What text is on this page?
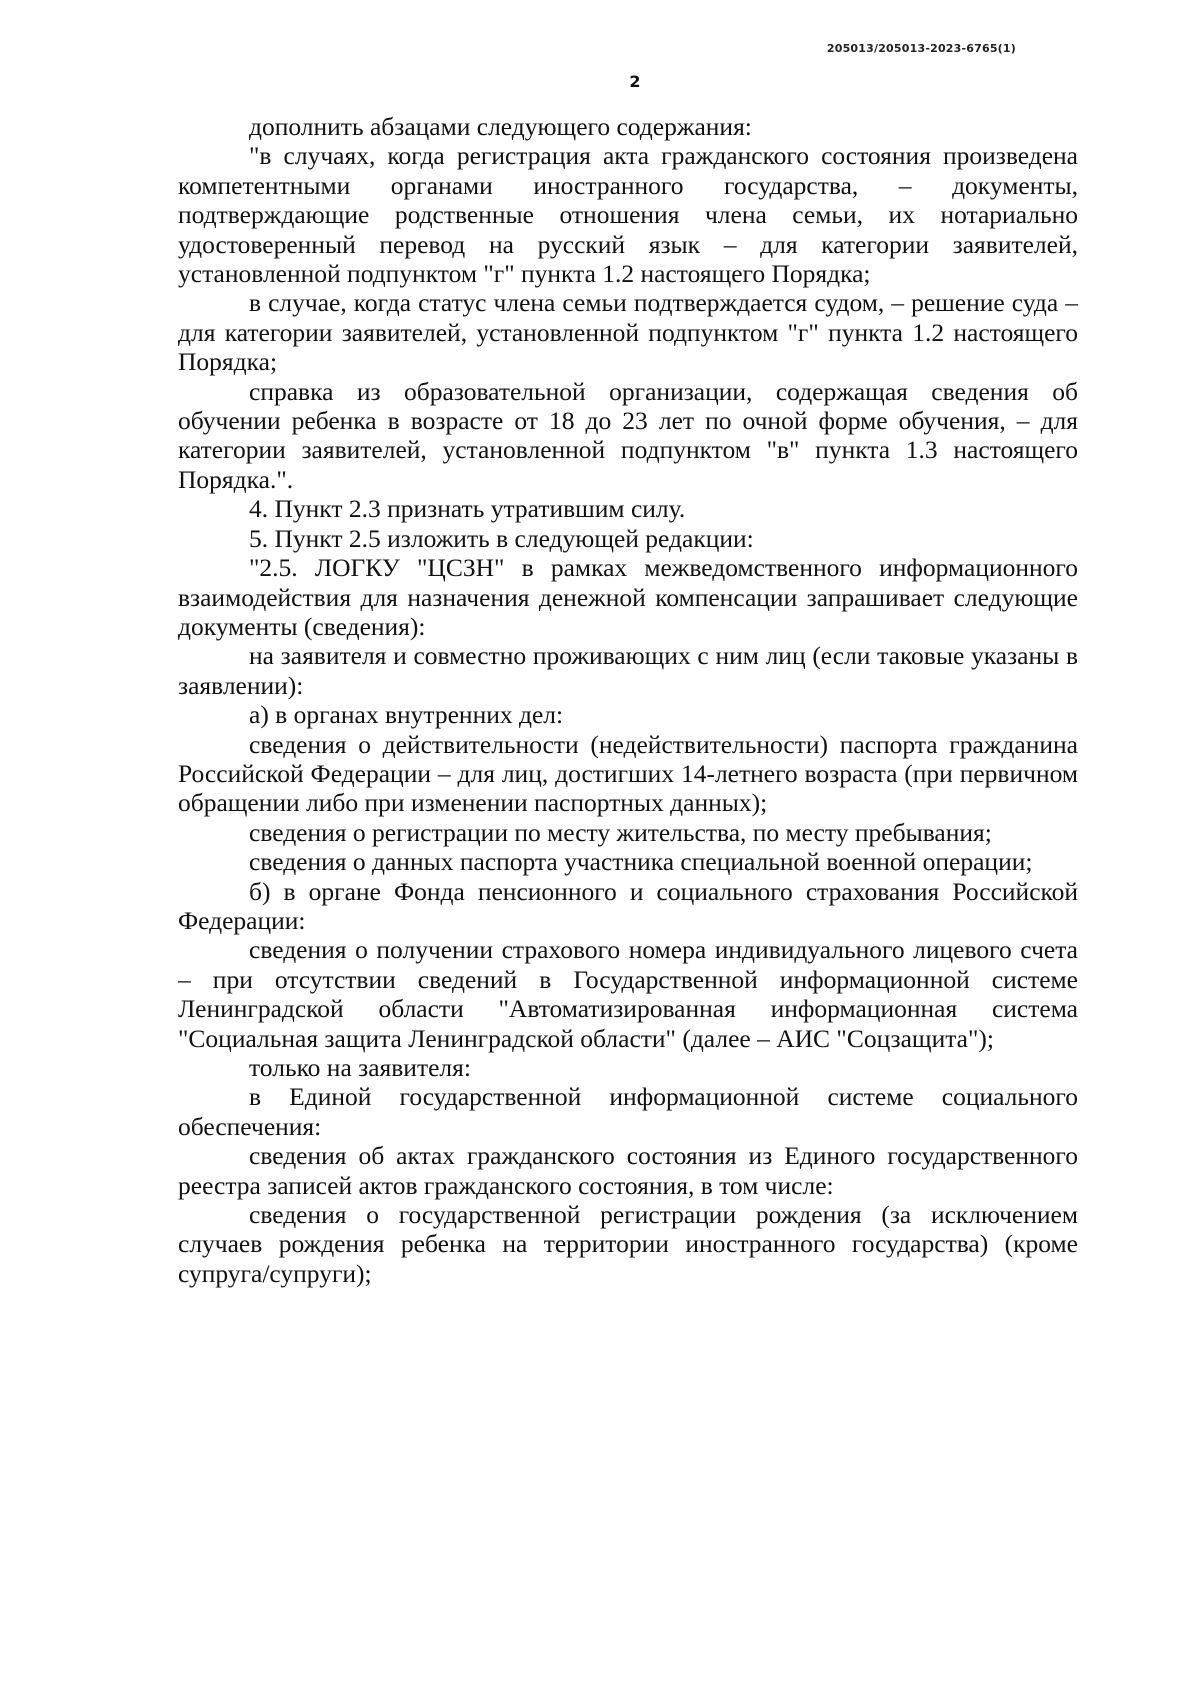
205013/205013-2023-6765(1)
2

дополнить абзацами следующего содержания:

"в случаях, когда регистрация акта гражданского состояния произведена компетентными органами иностранного государства, – документы, подтверждающие родственные отношения члена семьи, их нотариально удостоверенный перевод на русский язык – для категории заявителей, установленной подпунктом "г" пункта 1.2 настоящего Порядка;

в случае, когда статус члена семьи подтверждается судом, – решение суда – для категории заявителей, установленной подпунктом "г" пункта 1.2 настоящего Порядка;

справка из образовательной организации, содержащая сведения об обучении ребенка в возрасте от 18 до 23 лет по очной форме обучения, – для категории заявителей, установленной подпунктом "в" пункта 1.3 настоящего Порядка.".

4. Пункт 2.3 признать утратившим силу.

5. Пункт 2.5 изложить в следующей редакции:

"2.5. ЛОГКУ "ЦСЗН" в рамках межведомственного информационного взаимодействия для назначения денежной компенсации запрашивает следующие документы (сведения):

на заявителя и совместно проживающих с ним лиц (если таковые указаны в заявлении):

а) в органах внутренних дел:

сведения о действительности (недействительности) паспорта гражданина Российской Федерации – для лиц, достигших 14-летнего возраста (при первичном обращении либо при изменении паспортных данных);

сведения о регистрации по месту жительства, по месту пребывания;

сведения о данных паспорта участника специальной военной операции;

б) в органе Фонда пенсионного и социального страхования Российской Федерации:

сведения о получении страхового номера индивидуального лицевого счета – при отсутствии сведений в Государственной информационной системе Ленинградской области "Автоматизированная информационная система "Социальная защита Ленинградской области" (далее – АИС "Соцзащита");

только на заявителя:

в Единой государственной информационной системе социального обеспечения:

сведения об актах гражданского состояния из Единого государственного реестра записей актов гражданского состояния, в том числе:

сведения о государственной регистрации рождения (за исключением случаев рождения ребенка на территории иностранного государства) (кроме супруга/супруги);
